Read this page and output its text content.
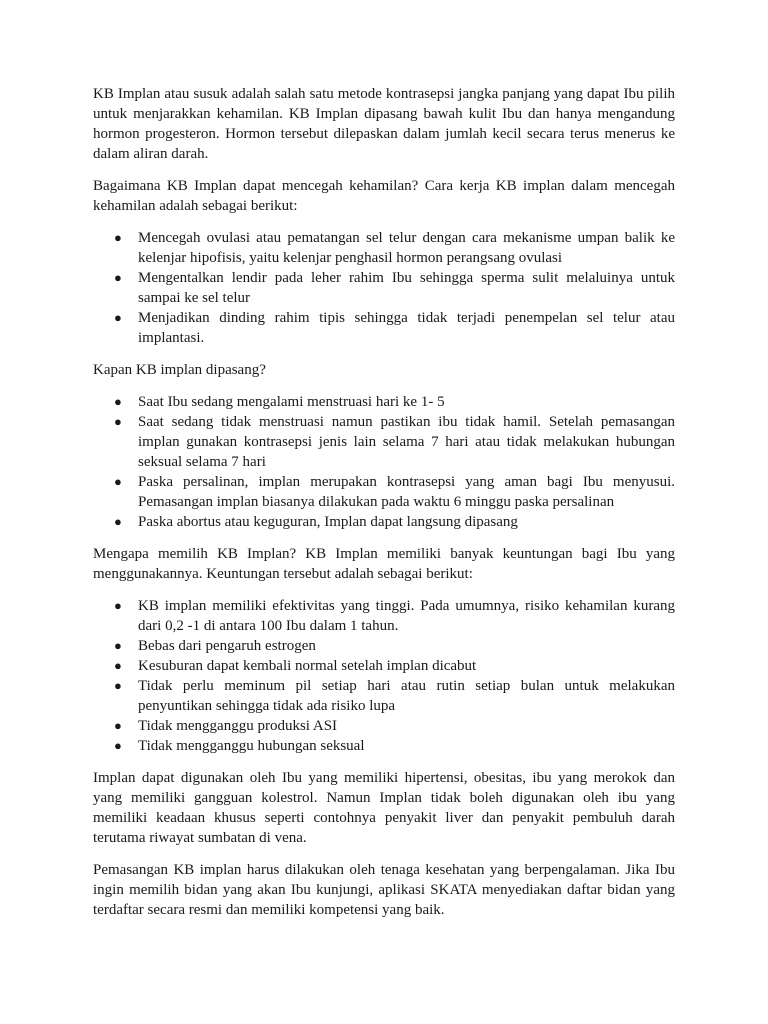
KB Implan atau susuk adalah salah satu metode kontrasepsi jangka panjang yang dapat Ibu pilih untuk menjarakkan kehamilan. KB Implan dipasang bawah kulit Ibu dan hanya mengandung hormon progesteron. Hormon tersebut dilepaskan dalam jumlah kecil secara terus menerus ke dalam aliran darah.

Bagaimana KB Implan dapat mencegah kehamilan? Cara kerja KB implan dalam mencegah kehamilan adalah sebagai berikut:

● Mencegah ovulasi atau pematangan sel telur dengan cara mekanisme umpan balik ke kelenjar hipofisis, yaitu kelenjar penghasil hormon perangsang ovulasi
● Mengentalkan lendir pada leher rahim Ibu sehingga sperma sulit melaluinya untuk sampai ke sel telur
● Menjadikan dinding rahim tipis sehingga tidak terjadi penempelan sel telur atau implantasi.

Kapan KB implan dipasang?

● Saat Ibu sedang mengalami menstruasi hari ke 1- 5
● Saat sedang tidak menstruasi namun pastikan ibu tidak hamil. Setelah pemasangan implan gunakan kontrasepsi jenis lain selama 7 hari atau tidak melakukan hubungan seksual selama 7 hari
● Paska persalinan, implan merupakan kontrasepsi yang aman bagi Ibu menyusui. Pemasangan implan biasanya dilakukan pada waktu 6 minggu paska persalinan
● Paska abortus atau keguguran, Implan dapat langsung dipasang

Mengapa memilih KB Implan? KB Implan memiliki banyak keuntungan bagi Ibu yang menggunakannya. Keuntungan tersebut adalah sebagai berikut:

● KB implan memiliki efektivitas yang tinggi. Pada umumnya, risiko kehamilan kurang dari 0,2 -1 di antara 100 Ibu dalam 1 tahun.
● Bebas dari pengaruh estrogen
● Kesuburan dapat kembali normal setelah implan dicabut
● Tidak perlu meminum pil setiap hari atau rutin setiap bulan untuk melakukan penyuntikan sehingga tidak ada risiko lupa
● Tidak mengganggu produksi ASI
● Tidak mengganggu hubungan seksual

Implan dapat digunakan oleh Ibu yang memiliki hipertensi, obesitas, ibu yang merokok dan yang memiliki gangguan kolestrol. Namun Implan tidak boleh digunakan oleh ibu yang memiliki keadaan khusus seperti contohnya penyakit liver dan penyakit pembuluh darah terutama riwayat sumbatan di vena.

Pemasangan KB implan harus dilakukan oleh tenaga kesehatan yang berpengalaman. Jika Ibu ingin memilih bidan yang akan Ibu kunjungi, aplikasi SKATA menyediakan daftar bidan yang terdaftar secara resmi dan memiliki kompetensi yang baik.
